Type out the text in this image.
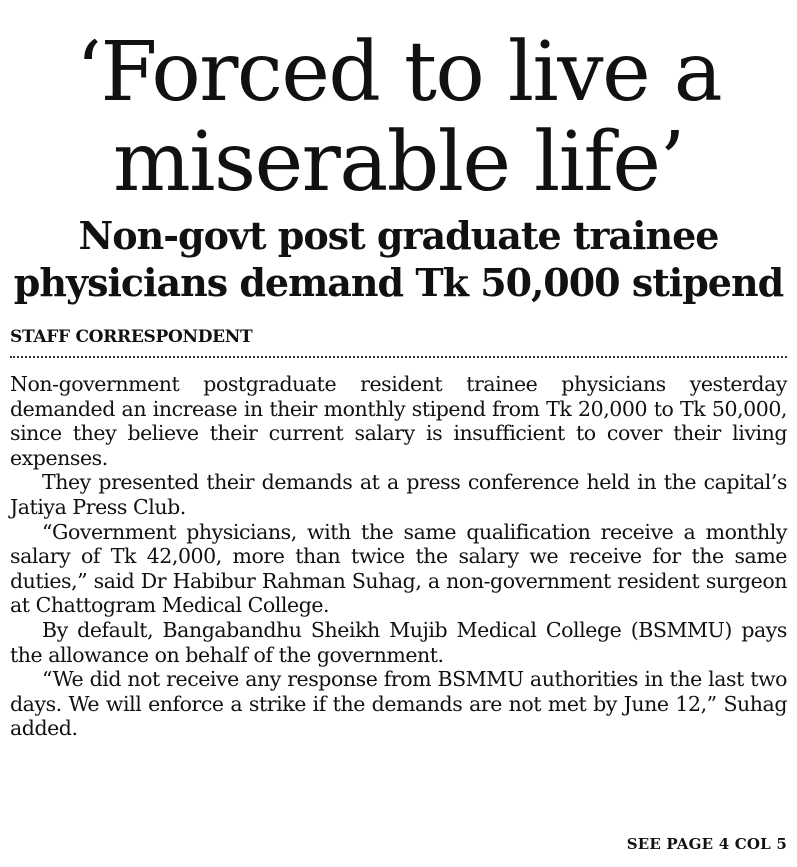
‘Forced to live a miserable life’
Non-govt post graduate trainee physicians demand Tk 50,000 stipend
STAFF CORRESPONDENT

Non-government postgraduate resident trainee physicians yesterday demanded an increase in their monthly stipend from Tk 20,000 to Tk 50,000, since they believe their current salary is insufficient to cover their living expenses.

They presented their demands at a press conference held in the capital’s Jatiya Press Club.

“Government physicians, with the same qualification receive a monthly salary of Tk 42,000, more than twice the salary we receive for the same duties,” said Dr Habibur Rahman Suhag, a non-government resident surgeon at Chattogram Medical College.

By default, Bangabandhu Sheikh Mujib Medical College (BSMMU) pays the allowance on behalf of the government.

“We did not receive any response from BSMMU authorities in the last two days. We will enforce a strike if the demands are not met by June 12,” Suhag added.

SEE PAGE 4 COL 5
